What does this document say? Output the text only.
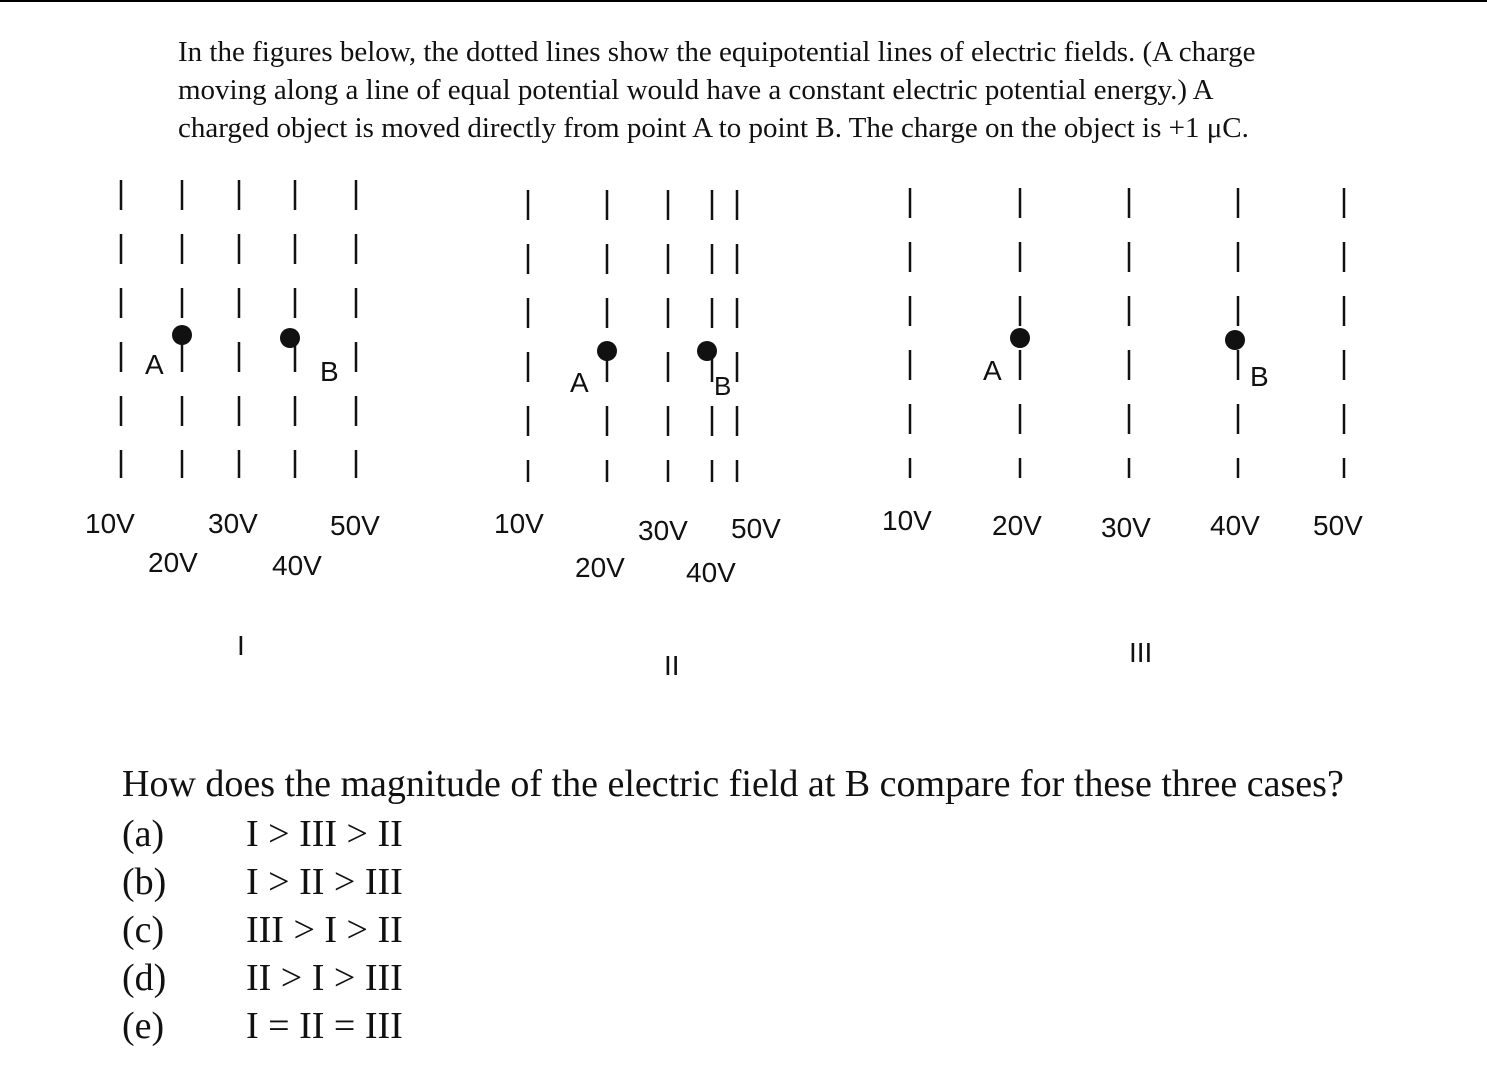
In the figures below, the dotted lines show the equipotential lines of electric fields. (A charge
moving along a line of equal potential would have a constant electric potential energy.) A
charged object is moved directly from point A to point B. The charge on the object is +1 μC.
A	B
10V
20V
30V
40V
50V
I
A	B
10V
20V
30V
40V
50V
II
A	B
10V 20V 30V 40V 50V
III
How does the magnitude of the electric field at B compare for these three cases?
(a) I > III > II
(b) I > II > III
(c) III > I > II
(d) II > I > III
(e) I = II = III
